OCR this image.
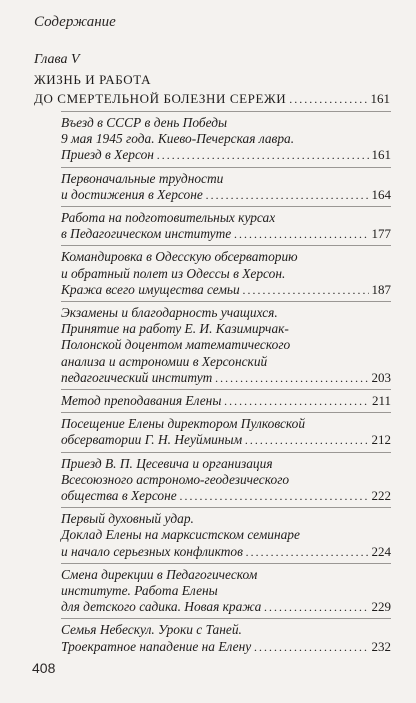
Содержание
Глава V
ЖИЗНЬ И РАБОТА
ДО СМЕРТЕЛЬНОЙ БОЛЕЗНИ СЕРЕЖИ .....	161
Въезд в СССР в день Победы
9 мая 1945 года. Киево-Печерская лавра.
Приезд в Херсон .....	161
Первоначальные трудности
и достижения в Херсоне .....	164
Работа на подготовительных курсах
в Педагогическом институте .....	177
Командировка в Одесскую обсерваторию
и обратный полет из Одессы в Херсон.
Кража всего имущества семьи .....	187
Экзамены и благодарность учащихся.
Принятие на работу Е. И. Казимирчак-
Полонской доцентом математического
анализа и астрономии в Херсонский
педагогический институт .....	203
Метод преподавания Елены .....	211
Посещение Елены директором Пулковской
обсерватории Г. Н. Неуйминым .....	212
Приезд В. П. Цесевича и организация
Всесоюзного астрономо-геодезического
общества в Херсоне .....	222
Первый духовный удар.
Доклад Елены на марксистском семинаре
и начало серьезных конфликтов .....	224
Смена дирекции в Педагогическом
институте. Работа Елены
для детского садика. Новая кража .....	229
Семья Небескул. Уроки с Таней.
Троекратное нападение на Елену .....	232
408
